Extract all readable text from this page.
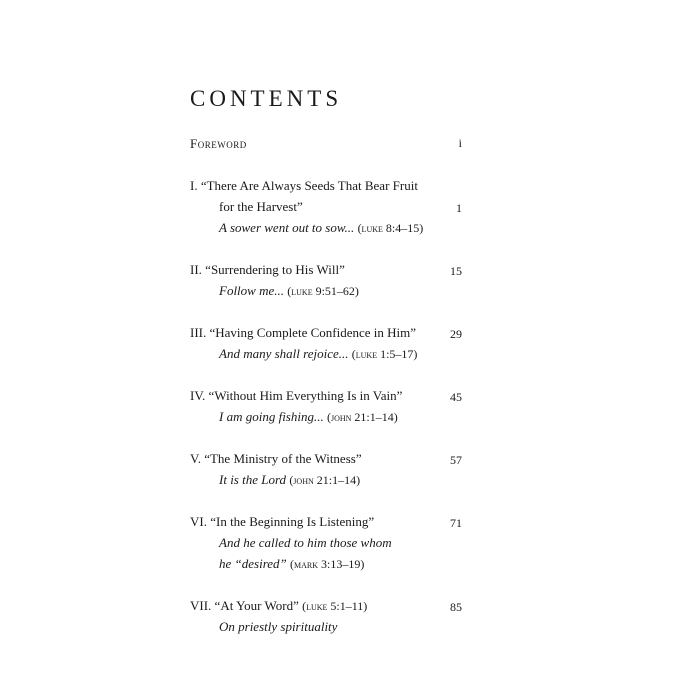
CONTENTS
Foreword	i
I. “There Are Always Seeds That Bear Fruit
for the Harvest”	1
A sower went out to sow... (luke 8:4–15)
II. “Surrendering to His Will”	15
Follow me... (luke 9:51–62)
III. “Having Complete Confidence in Him”	29
And many shall rejoice... (luke 1:5–17)
IV. “Without Him Everything Is in Vain”	45
I am going fishing... (john 21:1–14)
V. “The Ministry of the Witness”	57
It is the Lord (john 21:1–14)
VI. “In the Beginning Is Listening”	71
And he called to him those whom
he “desired” (mark 3:13–19)
VII. “At Your Word” (luke 5:1–11)	85
On priestly spirituality
